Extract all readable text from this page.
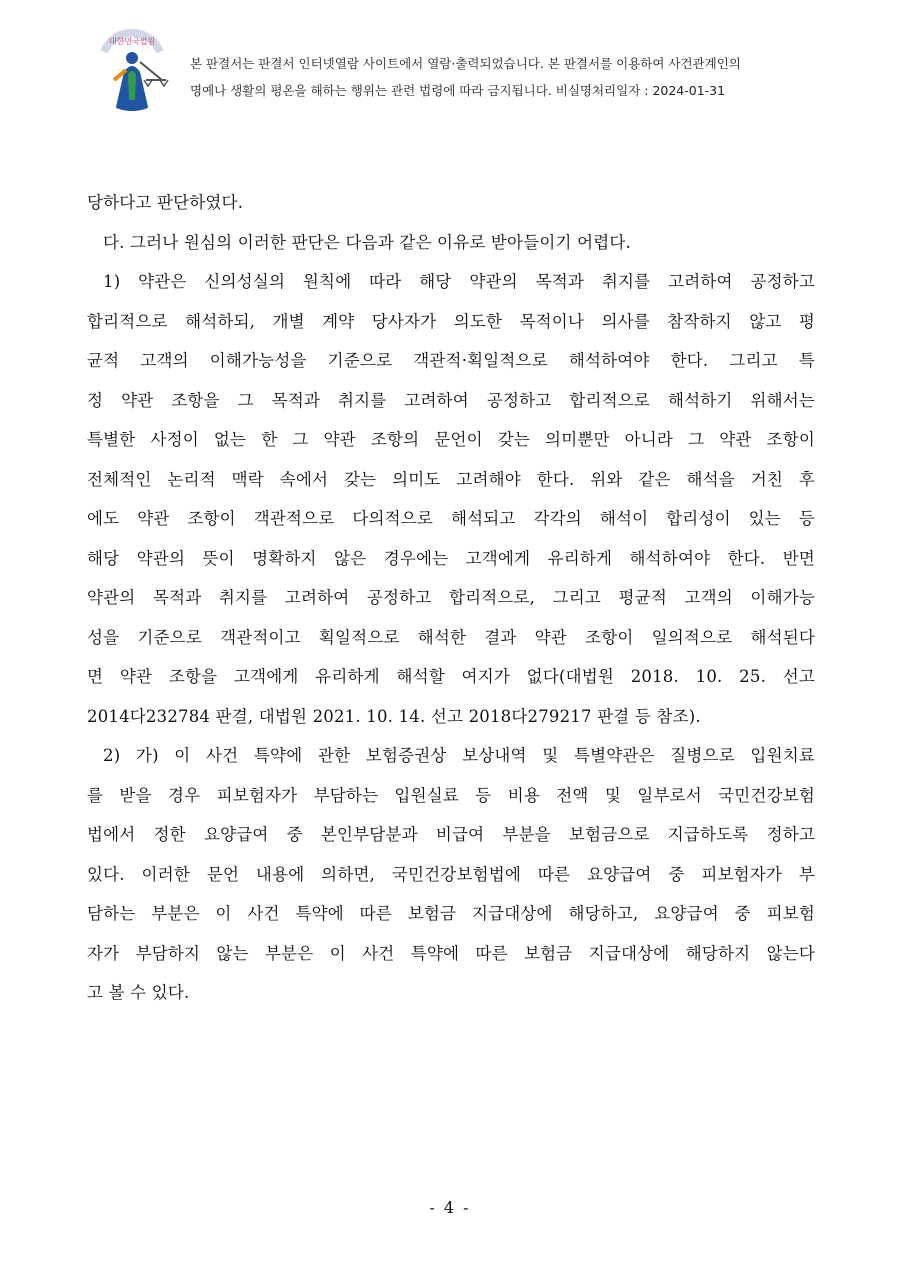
대한민국법원
본 판결서는 판결서 인터넷열람 사이트에서 열람·출력되었습니다. 본 판결서를 이용하여 사건관계인의
명예나 생활의 평온을 해하는 행위는 관련 법령에 따라 금지됩니다. 비실명처리일자 : 2024-01-31
당하다고 판단하였다.
다. 그러나 원심의 이러한 판단은 다음과 같은 이유로 받아들이기 어렵다.
1) 약관은 신의성실의 원칙에 따라 해당 약관의 목적과 취지를 고려하여 공정하고
합리적으로 해석하되, 개별 계약 당사자가 의도한 목적이나 의사를 참작하지 않고 평
균적 고객의 이해가능성을 기준으로 객관적·획일적으로 해석하여야 한다. 그리고 특
정 약관 조항을 그 목적과 취지를 고려하여 공정하고 합리적으로 해석하기 위해서는
특별한 사정이 없는 한 그 약관 조항의 문언이 갖는 의미뿐만 아니라 그 약관 조항이
전체적인 논리적 맥락 속에서 갖는 의미도 고려해야 한다. 위와 같은 해석을 거친 후
에도 약관 조항이 객관적으로 다의적으로 해석되고 각각의 해석이 합리성이 있는 등
해당 약관의 뜻이 명확하지 않은 경우에는 고객에게 유리하게 해석하여야 한다. 반면
약관의 목적과 취지를 고려하여 공정하고 합리적으로, 그리고 평균적 고객의 이해가능
성을 기준으로 객관적이고 획일적으로 해석한 결과 약관 조항이 일의적으로 해석된다
면 약관 조항을 고객에게 유리하게 해석할 여지가 없다(대법원 2018. 10. 25. 선고
2014다232784 판결, 대법원 2021. 10. 14. 선고 2018다279217 판결 등 참조).
2) 가) 이 사건 특약에 관한 보험증권상 보상내역 및 특별약관은 질병으로 입원치료
를 받을 경우 피보험자가 부담하는 입원실료 등 비용 전액 및 일부로서 국민건강보험
법에서 정한 요양급여 중 본인부담분과 비급여 부분을 보험금으로 지급하도록 정하고
있다. 이러한 문언 내용에 의하면, 국민건강보험법에 따른 요양급여 중 피보험자가 부
담하는 부분은 이 사건 특약에 따른 보험금 지급대상에 해당하고, 요양급여 중 피보험
자가 부담하지 않는 부분은 이 사건 특약에 따른 보험금 지급대상에 해당하지 않는다
고 볼 수 있다.
- 4 -
